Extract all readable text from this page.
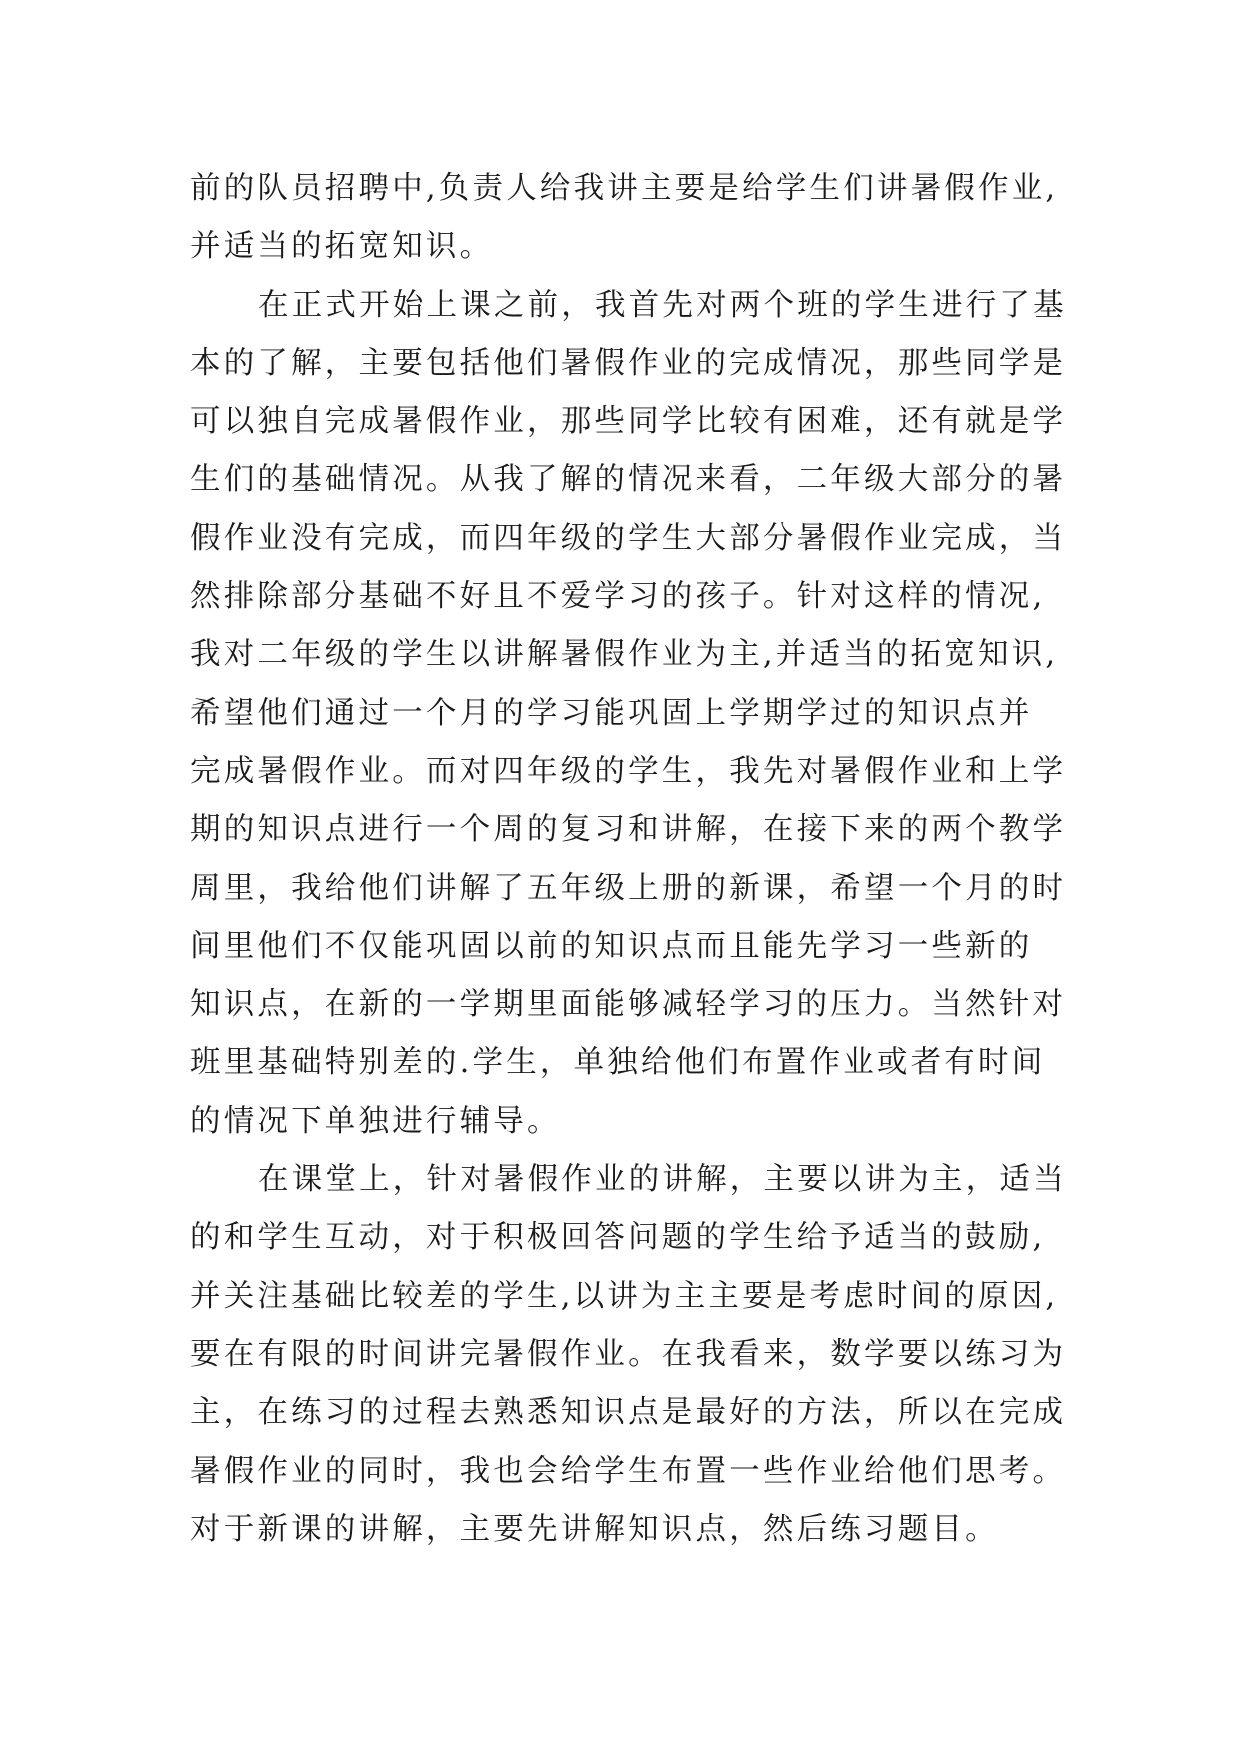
前的队员招聘中,负责人给我讲主要是给学生们讲暑假作业,
并适当的拓宽知识。
在正式开始上课之前，我首先对两个班的学生进行了基
本的了解，主要包括他们暑假作业的完成情况，那些同学是
可以独自完成暑假作业，那些同学比较有困难，还有就是学
生们的基础情况。从我了解的情况来看，二年级大部分的暑
假作业没有完成，而四年级的学生大部分暑假作业完成，当
然排除部分基础不好且不爱学习的孩子。针对这样的情况,
我对二年级的学生以讲解暑假作业为主,并适当的拓宽知识,
希望他们通过一个月的学习能巩固上学期学过的知识点并
完成暑假作业。而对四年级的学生，我先对暑假作业和上学
期的知识点进行一个周的复习和讲解，在接下来的两个教学
周里，我给他们讲解了五年级上册的新课，希望一个月的时
间里他们不仅能巩固以前的知识点而且能先学习一些新的
知识点，在新的一学期里面能够减轻学习的压力。当然针对
班里基础特别差的.学生，单独给他们布置作业或者有时间
的情况下单独进行辅导。
在课堂上，针对暑假作业的讲解，主要以讲为主，适当
的和学生互动，对于积极回答问题的学生给予适当的鼓励,
并关注基础比较差的学生,以讲为主主要是考虑时间的原因,
要在有限的时间讲完暑假作业。在我看来，数学要以练习为
主，在练习的过程去熟悉知识点是最好的方法，所以在完成
暑假作业的同时，我也会给学生布置一些作业给他们思考。
对于新课的讲解，主要先讲解知识点，然后练习题目。
